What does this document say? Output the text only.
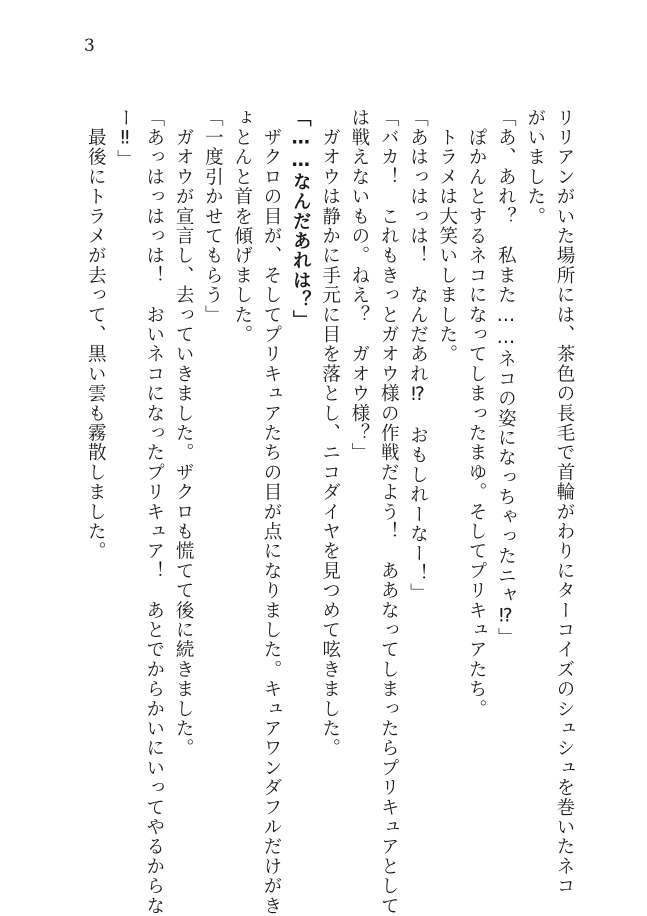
3
リリアンがいた場所には、茶色の長毛で首輪がわりにターコイズのシュシュを巻いたネコ
がいました。
「あ、あれ？　私また……ネコの姿になっちゃったニャ⁉」
　ぽかんとするネコになってしまったまゆ。そしてプリキュアたち。
　トラメは大笑いしました。
「あはっはっは！　なんだあれ⁉　おもしれーなー！」
「バカ！　これもきっとガオウ様の作戦だよう！　ああなってしまったらプリキュアとして
は戦えないもの。ねえ？　ガオウ様？」
　ガオウは静かに手元に目を落とし、ニコダイヤを見つめて呟きました。
「……なんだあれは？」
　ザクロの目が、そしてプリキュアたちの目が点になりました。キュアワンダフルだけがき
ょとんと首を傾げました。
「一度引かせてもらう」
　ガオウが宣言し、去っていきました。ザクロも慌てて後に続きました。
「あっはっはっは！　おいネコになったプリキュア！　あとでからかいにいってやるからな
ー‼」
　最後にトラメが去って、黒い雲も霧散しました。
